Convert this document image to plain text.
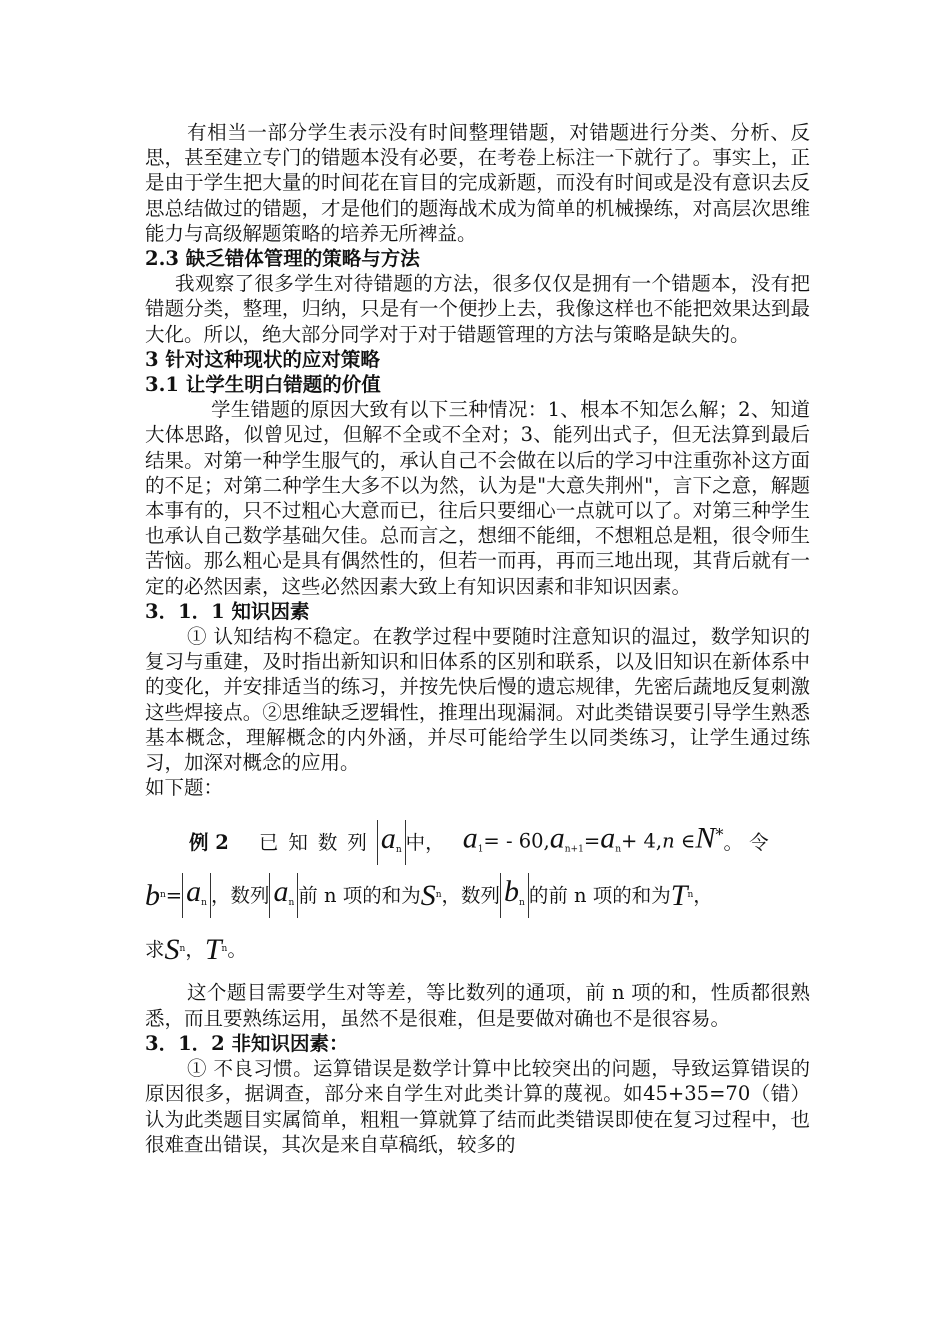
有相当一部分学生表示没有时间整理错题，对错题进行分类、分析、反思，甚至建立专门的错题本没有必要，在考卷上标注一下就行了。事实上，正是由于学生把大量的时间花在盲目的完成新题，而没有时间或是没有意识去反思总结做过的错题，才是他们的题海战术成为简单的机械操练，对高层次思维能力与高级解题策略的培养无所裨益。

2.3 缺乏错体管理的策略与方法

我观察了很多学生对待错题的方法，很多仅仅是拥有一个错题本，没有把错题分类，整理，归纳，只是有一个便抄上去，我像这样也不能把效果达到最大化。所以，绝大部分同学对于对于错题管理的方法与策略是缺失的。

3 针对这种现状的应对策略

3.1 让学生明白错题的价值

学生错题的原因大致有以下三种情况：1、根本不知怎么解；2、知道大体思路，似曾见过，但解不全或不全对；3、能列出式子，但无法算到最后结果。对第一种学生服气的，承认自己不会做在以后的学习中注重弥补这方面的不足；对第二种学生大多不以为然，认为是"大意失荆州"，言下之意，解题本事有的，只不过粗心大意而已，往后只要细心一点就可以了。对第三种学生也承认自己数学基础欠佳。总而言之，想细不能细，不想粗总是粗，很令师生苦恼。那么粗心是具有偶然性的，但若一而再，再而三地出现，其背后就有一定的必然因素，这些必然因素大致上有知识因素和非知识因素。

3．1．1 知识因素

① 认知结构不稳定。在教学过程中要随时注意知识的温过，数学知识的复习与重建，及时指出新知识和旧体系的区别和联系，以及旧知识在新体系中的变化，并安排适当的练习，并按先快后慢的遗忘规律，先密后蔬地反复刺激这些焊接点。②思维缺乏逻辑性，推理出现漏洞。对此类错误要引导学生熟悉基本概念，理解概念的内外涵，并尽可能给学生以同类练习，让学生通过练习，加深对概念的应用。

如下题：

例 2 已知数列 $a_n$ 中， $a_1= - 60,a_{n+1}=a_n+ 4,n$ ∈N* 。 令
b $n = a_n$ ，数列 $a_n$ 前 n 项的和为 S n ，数列 $b_n$ 的前 n 项的和为 T n ，
求 S n ， T n 。

这个题目需要学生对等差，等比数列的通项，前 n 项的和，性质都很熟悉，而且要熟练运用，虽然不是很难，但是要做对确也不是很容易。

3．1．2 非知识因素：

① 不良习惯。运算错误是数学计算中比较突出的问题，导致运算错误的原因很多，据调查，部分来自学生对此类计算的蔑视。如45+35=70（错）认为此类题目实属简单，粗粗一算就算了结而此类错误即使在复习过程中，也很难查出错误，其次是来自草稿纸，较多的
